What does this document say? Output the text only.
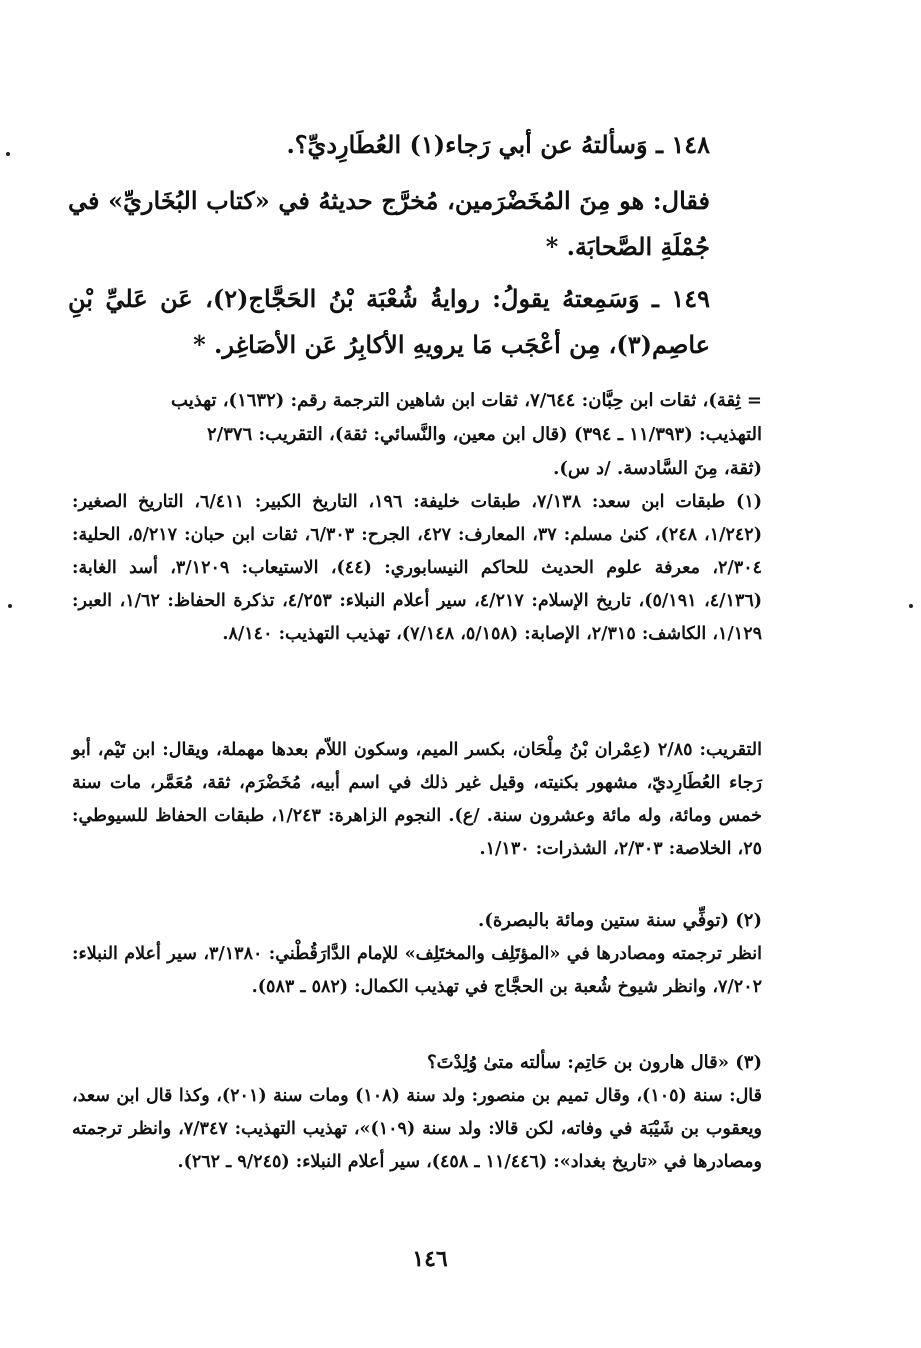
١٤٨ ـ وَسألتهُ عن أبي رَجاء(١) العُطَارِديِّ؟.
فقال: هو مِنَ المُخَضْرَمين، مُخرَّج حديثهُ في «كتاب البُخَاريِّ» في جُمْلَةِ الصَّحابَة. *
١٤٩ ـ وَسَمِعتهُ يقولُ: روايةُ شُعْبَة بْنُ الحَجَّاج(٢)، عَن عَليِّ بْنِ عاصِم(٣)، مِن أعْجَب مَا يرويهِ الأكابِرُ عَن الأصَاغِر. *
= ثِقة)، ثقات ابن حِبَّان: ٧/٦٤٤، ثقات ابن شاهين الترجمة رقم: (١٦٣٢)، تهذيب
التهذيب: (١١/٣٩٣ ـ ٣٩٤) (قال ابن معين، والنَّسائي: ثقة)، التقريب: ٢/٣٧٦
(ثقة، مِنَ السَّادسة. /د س).
(١) طبقات ابن سعد: ٧/١٣٨، طبقات خليفة: ١٩٦، التاريخ الكبير: ٦/٤١١، التاريخ الصغير: (١/٢٤٢، ٢٤٨)، كنىٰ مسلم: ٣٧، المعارف: ٤٢٧، الجرح: ٦/٣٠٣، ثقات ابن حبان: ٥/٢١٧، الحلية: ٢/٣٠٤، معرفة علوم الحديث للحاكم النيسابوري: (٤٤)، الاستيعاب: ٣/١٢٠٩، أسد الغابة: (٤/١٣٦، ٥/١٩١)، تاريخ الإسلام: ٤/٢١٧، سير أعلام النبلاء: ٤/٢٥٣، تذكرة الحفاظ: ١/٦٢، العبر: ١/١٢٩، الكاشف: ٢/٣١٥، الإصابة: (٥/١٥٨، ٧/١٤٨)، تهذيب التهذيب: ٨/١٤٠.
التقريب: ٢/٨٥ (عِمْران بْنُ مِلْحَان، بكسر الميم، وسكون اللاّم بعدها مهملة، ويقال: ابن تَيْم، أبو رَجاء العُطَارِديّ، مشهور بكنيته، وقيل غير ذلك في اسم أبيه، مُخَضْرَم، ثقة، مُعَمَّر، مات سنة خمس ومائة، وله مائة وعشرون سنة. /ع). النجوم الزاهرة: ١/٢٤٣، طبقات الحفاظ للسيوطي: ٢٥، الخلاصة: ٢/٣٠٣، الشذرات: ١/١٣٠.
(٢) (توفِّي سنة ستين ومائة بالبصرة).
انظر ترجمته ومصادرها في «المؤتَلِف والمختَلِف» للإمام الدَّارَقُطْني: ٣/١٣٨٠، سير أعلام النبلاء: ٧/٢٠٢، وانظر شيوخ شُعبة بن الحجَّاج في تهذيب الكمال: (٥٨٢ ـ ٥٨٣).
(٣) «قال هارون بن حَاتِم: سألته متىٰ وُلِدْتَ؟
قال: سنة (١٠٥)، وقال تميم بن منصور: ولد سنة (١٠٨) ومات سنة (٢٠١)، وكذا قال ابن سعد، ويعقوب بن شَيْبَة في وفاته، لكن قالا: ولد سنة (١٠٩)»، تهذيب التهذيب: ٧/٣٤٧، وانظر ترجمته ومصادرها في «تاريخ بغداد»: (١١/٤٤٦ ـ ٤٥٨)، سير أعلام النبلاء: (٩/٢٤٥ ـ ٢٦٢).
١٤٦
